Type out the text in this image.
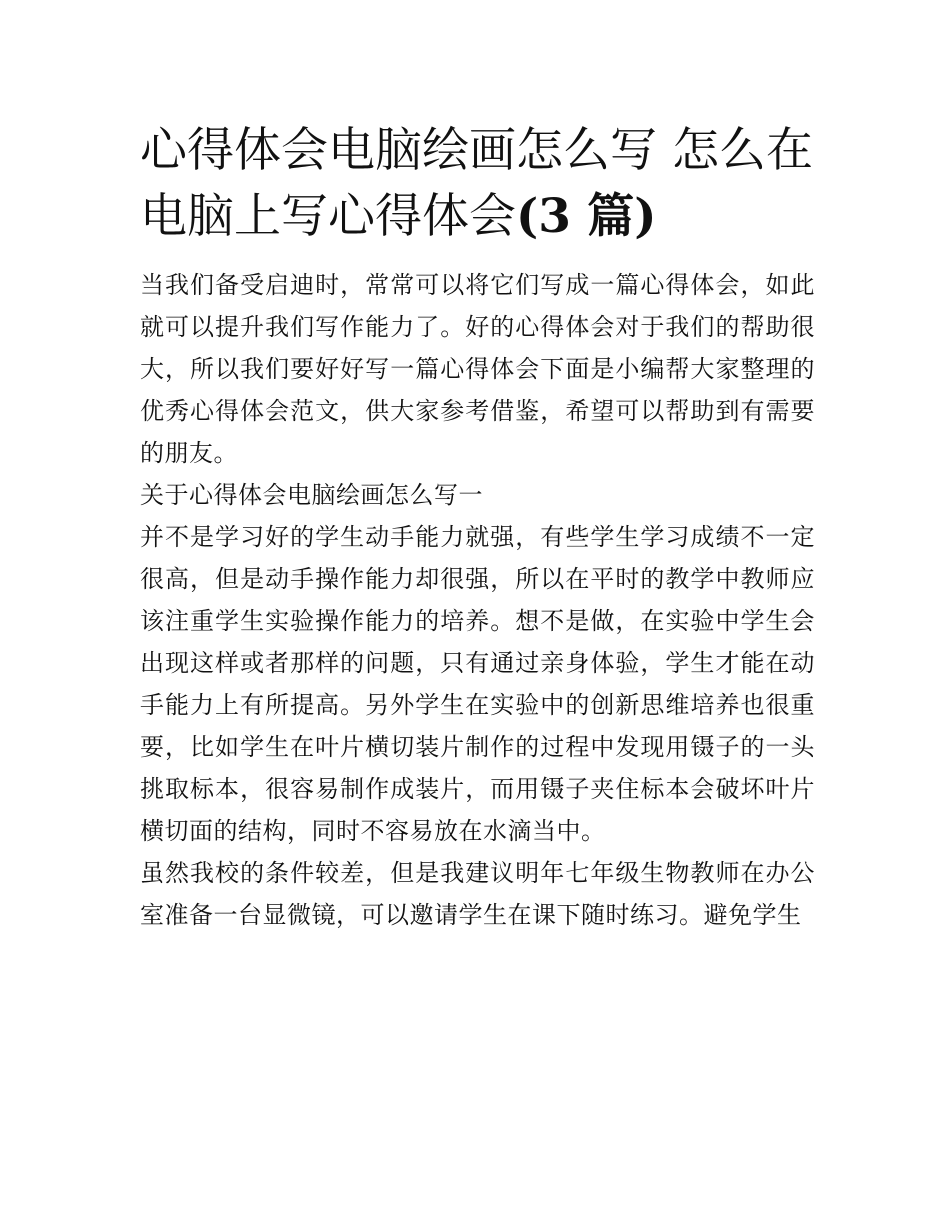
心得体会电脑绘画怎么写 怎么在电脑上写心得体会(3 篇)

当我们备受启迪时，常常可以将它们写成一篇心得体会，如此就可以提升我们写作能力了。好的心得体会对于我们的帮助很大，所以我们要好好写一篇心得体会下面是小编帮大家整理的优秀心得体会范文，供大家参考借鉴，希望可以帮助到有需要的朋友。

关于心得体会电脑绘画怎么写一

并不是学习好的学生动手能力就强，有些学生学习成绩不一定很高，但是动手操作能力却很强，所以在平时的教学中教师应该注重学生实验操作能力的培养。想不是做，在实验中学生会出现这样或者那样的问题，只有通过亲身体验，学生才能在动手能力上有所提高。另外学生在实验中的创新思维培养也很重要，比如学生在叶片横切装片制作的过程中发现用镊子的一头挑取标本，很容易制作成装片，而用镊子夹住标本会破坏叶片横切面的结构，同时不容易放在水滴当中。

虽然我校的条件较差，但是我建议明年七年级生物教师在办公室准备一台显微镜，可以邀请学生在课下随时练习。避免学生
